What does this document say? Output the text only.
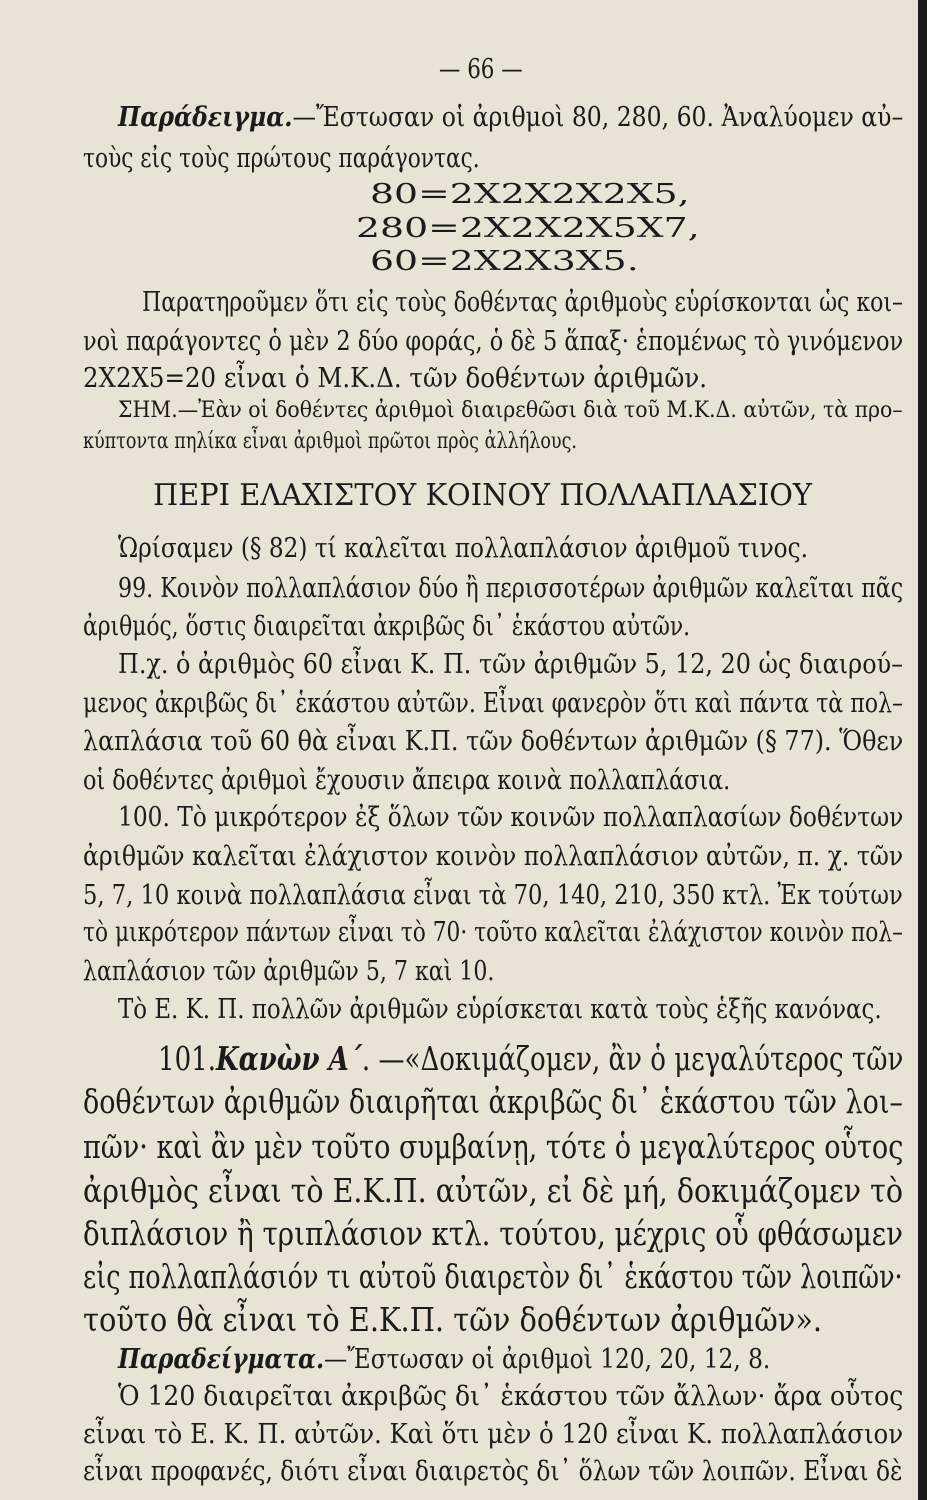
— 66 —
Παράδειγμα.—Ἔστωσαν οἱ ἀριθμοὶ 80, 280, 60. Ἀναλύομεν αὐ–
τοὺς εἰς τοὺς πρώτους παράγοντας.
80=2Χ2Χ2Χ2Χ5,
280=2Χ2Χ2Χ5Χ7,
60=2Χ2Χ3Χ5.
Παρατηροῦμεν ὅτι εἰς τοὺς δοθέντας ἀριθμοὺς εὑρίσκονται ὡς κοι–
νοὶ παράγοντες ὁ μὲν 2 δύο φοράς, ὁ δὲ 5 ἅπαξ· ἑπομένως τὸ γινόμενον
2Χ2Χ5=20 εἶναι ὁ Μ.Κ.Δ. τῶν δοθέντων ἀριθμῶν.
ΣΗΜ.—Ἐὰν οἱ δοθέντες ἀριθμοὶ διαιρεθῶσι διὰ τοῦ Μ.Κ.Δ. αὐτῶν, τὰ προ–
κύπτοντα πηλίκα εἶναι ἀριθμοὶ πρῶτοι πρὸς ἀλλήλους.
ΠΕΡΙ ΕΛΑΧΙΣΤΟΥ ΚΟΙΝΟΥ ΠΟΛΛΑΠΛΑΣΙΟΥ
Ὡρίσαμεν (§ 82) τί καλεῖται πολλαπλάσιον ἀριθμοῦ τινος.
99. Κοινὸν πολλαπλάσιον δύο ἢ περισσοτέρων ἀριθμῶν καλεῖται πᾶς
ἀριθμός, ὅστις διαιρεῖται ἀκριβῶς δι᾽ ἑκάστου αὐτῶν.
Π.χ. ὁ ἀριθμὸς 60 εἶναι Κ. Π. τῶν ἀριθμῶν 5, 12, 20 ὡς διαιρού–
μενος ἀκριβῶς δι᾽ ἑκάστου αὐτῶν. Εἶναι φανερὸν ὅτι καὶ πάντα τὰ πολ–
λαπλάσια τοῦ 60 θὰ εἶναι Κ.Π. τῶν δοθέντων ἀριθμῶν (§ 77). Ὅθεν
οἱ δοθέντες ἀριθμοὶ ἔχουσιν ἄπειρα κοινὰ πολλαπλάσια.
100. Τὸ μικρότερον ἐξ ὅλων τῶν κοινῶν πολλαπλασίων δοθέντων
ἀριθμῶν καλεῖται ἐλάχιστον κοινὸν πολλαπλάσιον αὐτῶν, π. χ. τῶν
5, 7, 10 κοινὰ πολλαπλάσια εἶναι τὰ 70, 140, 210, 350 κτλ. Ἐκ τούτων
τὸ μικρότερον πάντων εἶναι τὸ 70· τοῦτο καλεῖται ἐλάχιστον κοινὸν πολ–
λαπλάσιον τῶν ἀριθμῶν 5, 7 καὶ 10.
Τὸ Ε. Κ. Π. πολλῶν ἀριθμῶν εὑρίσκεται κατὰ τοὺς ἑξῆς κανόνας.
101.Κανὼν Α΄. —«Δοκιμάζομεν, ἂν ὁ μεγαλύτερος τῶν
δοθέντων ἀριθμῶν διαιρῆται ἀκριβῶς δι᾽ ἑκάστου τῶν λοι–
πῶν· καὶ ἂν μὲν τοῦτο συμβαίνῃ, τότε ὁ μεγαλύτερος οὗτος
ἀριθμὸς εἶναι τὸ Ε.Κ.Π. αὐτῶν, εἰ δὲ μή, δοκιμάζομεν τὸ
διπλάσιον ἢ τριπλάσιον κτλ. τούτου, μέχρις οὗ φθάσωμεν
εἰς πολλαπλάσιόν τι αὐτοῦ διαιρετὸν δι᾽ ἑκάστου τῶν λοιπῶν·
τοῦτο θὰ εἶναι τὸ Ε.Κ.Π. τῶν δοθέντων ἀριθμῶν».
Παραδείγματα.—Ἔστωσαν οἱ ἀριθμοὶ 120, 20, 12, 8.
Ὁ 120 διαιρεῖται ἀκριβῶς δι᾽ ἑκάστου τῶν ἄλλων· ἄρα οὗτος
εἶναι τὸ Ε. Κ. Π. αὐτῶν. Καὶ ὅτι μὲν ὁ 120 εἶναι Κ. πολλαπλάσιον
εἶναι προφανές, διότι εἶναι διαιρετὸς δι᾽ ὅλων τῶν λοιπῶν. Εἶναι δὲ
